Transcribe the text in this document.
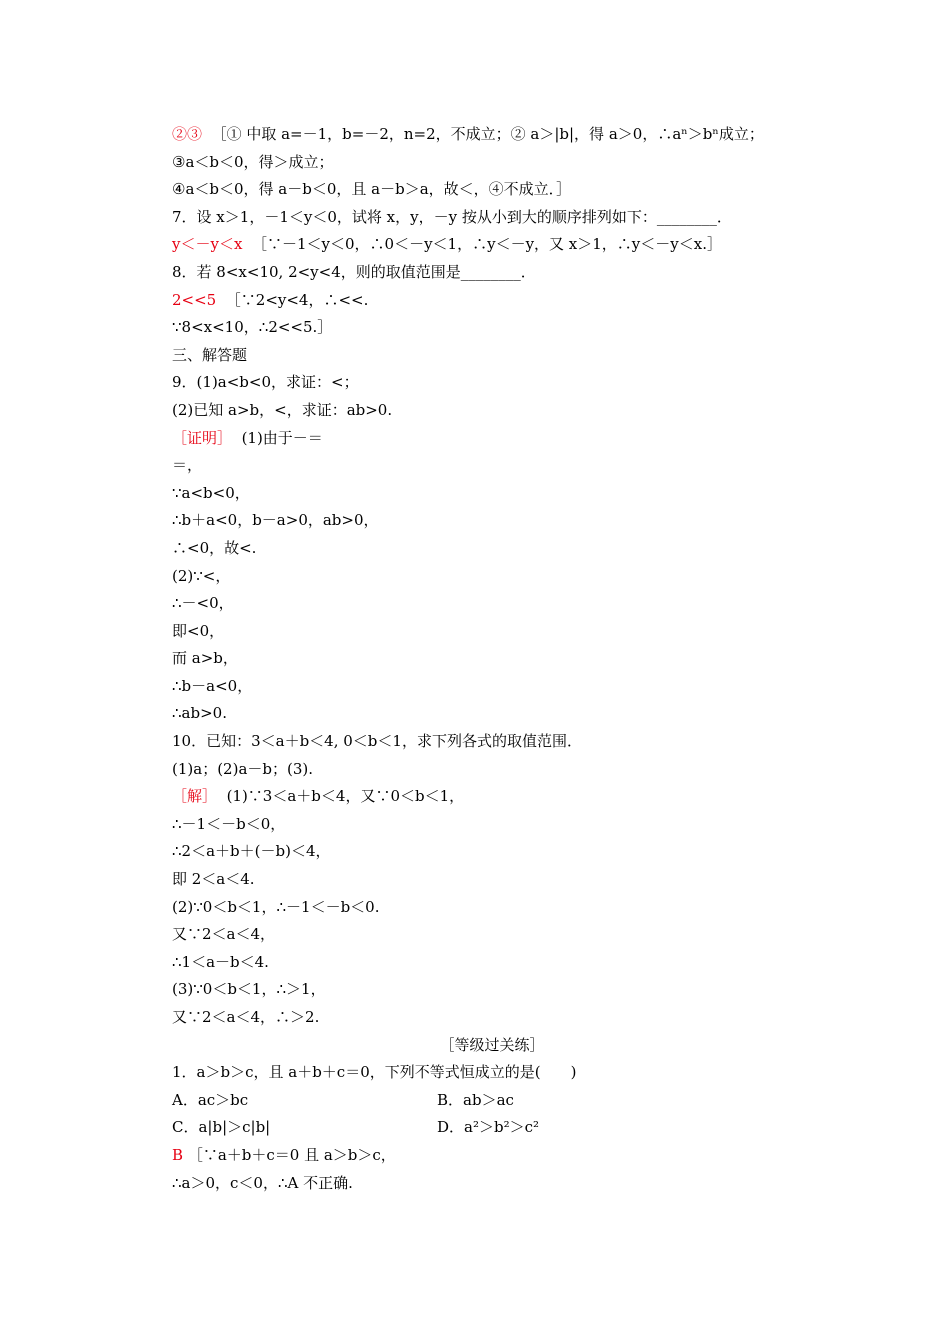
②③ ［① 中取 a=－1，b=－2，n=2，不成立；② a＞|b|，得 a＞0，∴aⁿ＞bⁿ成立；
③a＜b＜0，得＞成立；
④a＜b＜0，得 a－b＜0，且 a－b＞a，故＜，④不成立．］
7．设 x＞1，－1＜y＜0，试将 x，y，－y 按从小到大的顺序排列如下：________．
y＜－y＜x ［∵－1＜y＜0，∴0＜－y＜1，∴y＜－y，又 x＞1，∴y＜－y＜x.］
8．若 8<x<10, 2<y<4，则的取值范围是________．
2<<5 ［∵2<y<4，∴<<.
∵8<x<10，∴2<<5.］
三、解答题
9．(1)a<b<0，求证：<；
(2)已知 a>b，<，求证：ab>0.
［证明］ (1)由于－＝
＝，
∵a<b<0，
∴b＋a<0，b－a>0，ab>0，
∴<0，故<.
(2)∵<，
∴－<0，
即<0，
而 a>b，
∴b－a<0，
∴ab>0.
10．已知：3＜a＋b＜4, 0＜b＜1，求下列各式的取值范围．
(1)a；(2)a－b；(3).
［解］ (1)∵3＜a＋b＜4，又∵0＜b＜1，
∴－1＜－b＜0，
∴2＜a＋b＋(－b)＜4，
即 2＜a＜4.
(2)∵0＜b＜1，∴－1＜－b＜0.
又∵2＜a＜4，
∴1＜a－b＜4.
(3)∵0＜b＜1，∴＞1，
又∵2＜a＜4，∴＞2.
［等级过关练］
1．a＞b＞c，且 a＋b＋c＝0，下列不等式恒成立的是(　　)
A．ac＞bc	B．ab＞ac
C．a|b|＞c|b|	D．a²＞b²＞c²
B ［∵a＋b＋c＝0 且 a＞b＞c，
∴a＞0，c＜0，∴A 不正确.
